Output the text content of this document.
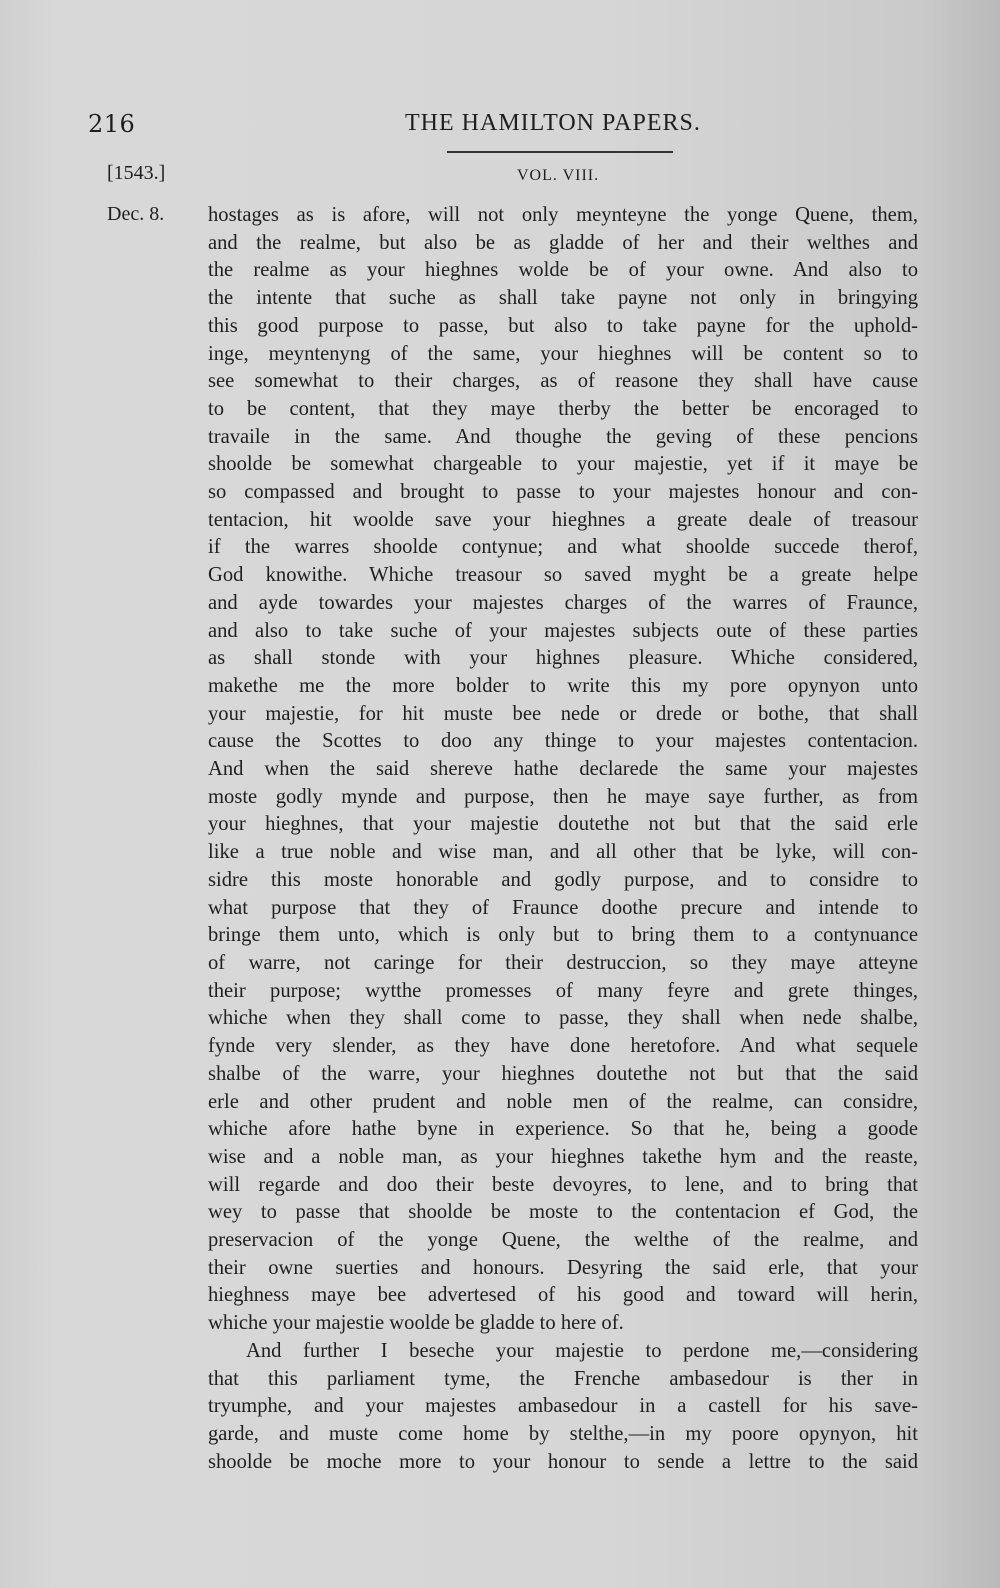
216	THE HAMILTON PAPERS.
[1543.]	VOL. VIII.
Dec. 8. hostages as is afore, will not only meynteyne the yonge Quene, them,
and the realme, but also be as gladde of her and their welthes and
the realme as your hieghnes wolde be of your owne. And also to
the intente that suche as shall take payne not only in bringying
this good purpose to passe, but also to take payne for the uphold-
inge, meyntenyng of the same, your hieghnes will be content so to
see somewhat to their charges, as of reasone they shall have cause
to be content, that they maye therby the better be encoraged to
travaile in the same. And thoughe the geving of these pencions
shoolde be somewhat chargeable to your majestie, yet if it maye be
so compassed and brought to passe to your majestes honour and con-
tentacion, hit woolde save your hieghnes a greate deale of treasour
if the warres shoolde contynue; and what shoolde succede therof,
God knowithe. Whiche treasour so saved myght be a greate helpe
and ayde towardes your majestes charges of the warres of Fraunce,
and also to take suche of your majestes subjects oute of these parties
as shall stonde with your highnes pleasure. Whiche considered,
makethe me the more bolder to write this my pore opynyon unto
your majestie, for hit muste bee nede or drede or bothe, that shall
cause the Scottes to doo any thinge to your majestes contentacion.
And when the said shereve hathe declarede the same your majestes
moste godly mynde and purpose, then he maye saye further, as from
your hieghnes, that your majestie doutethe not but that the said erle
like a true noble and wise man, and all other that be lyke, will con-
sidre this moste honorable and godly purpose, and to considre to
what purpose that they of Fraunce doothe precure and intende to
bringe them unto, which is only but to bring them to a contynuance
of warre, not caringe for their destruccion, so they maye atteyne
their purpose; wytthe promesses of many feyre and grete thinges,
whiche when they shall come to passe, they shall when nede shalbe,
fynde very slender, as they have done heretofore. And what sequele
shalbe of the warre, your hieghnes doutethe not but that the said
erle and other prudent and noble men of the realme, can considre,
whiche afore hathe byne in experience. So that he, being a goode
wise and a noble man, as your hieghnes takethe hym and the reaste,
will regarde and doo their beste devoyres, to lene, and to bring that
wey to passe that shoolde be moste to the contentacion ef God, the
preservacion of the yonge Quene, the welthe of the realme, and
their owne suerties and honours. Desyring the said erle, that your
hieghness maye bee advertesed of his good and toward will herin,
whiche your majestie woolde be gladde to here of.
And further I beseche your majestie to perdone me,—considering
that this parliament tyme, the Frenche ambasedour is ther in
tryumphe, and your majestes ambasedour in a castell for his save-
garde, and muste come home by stelthe,—in my poore opynyon, hit
shoolde be moche more to your honour to sende a lettre to the said
